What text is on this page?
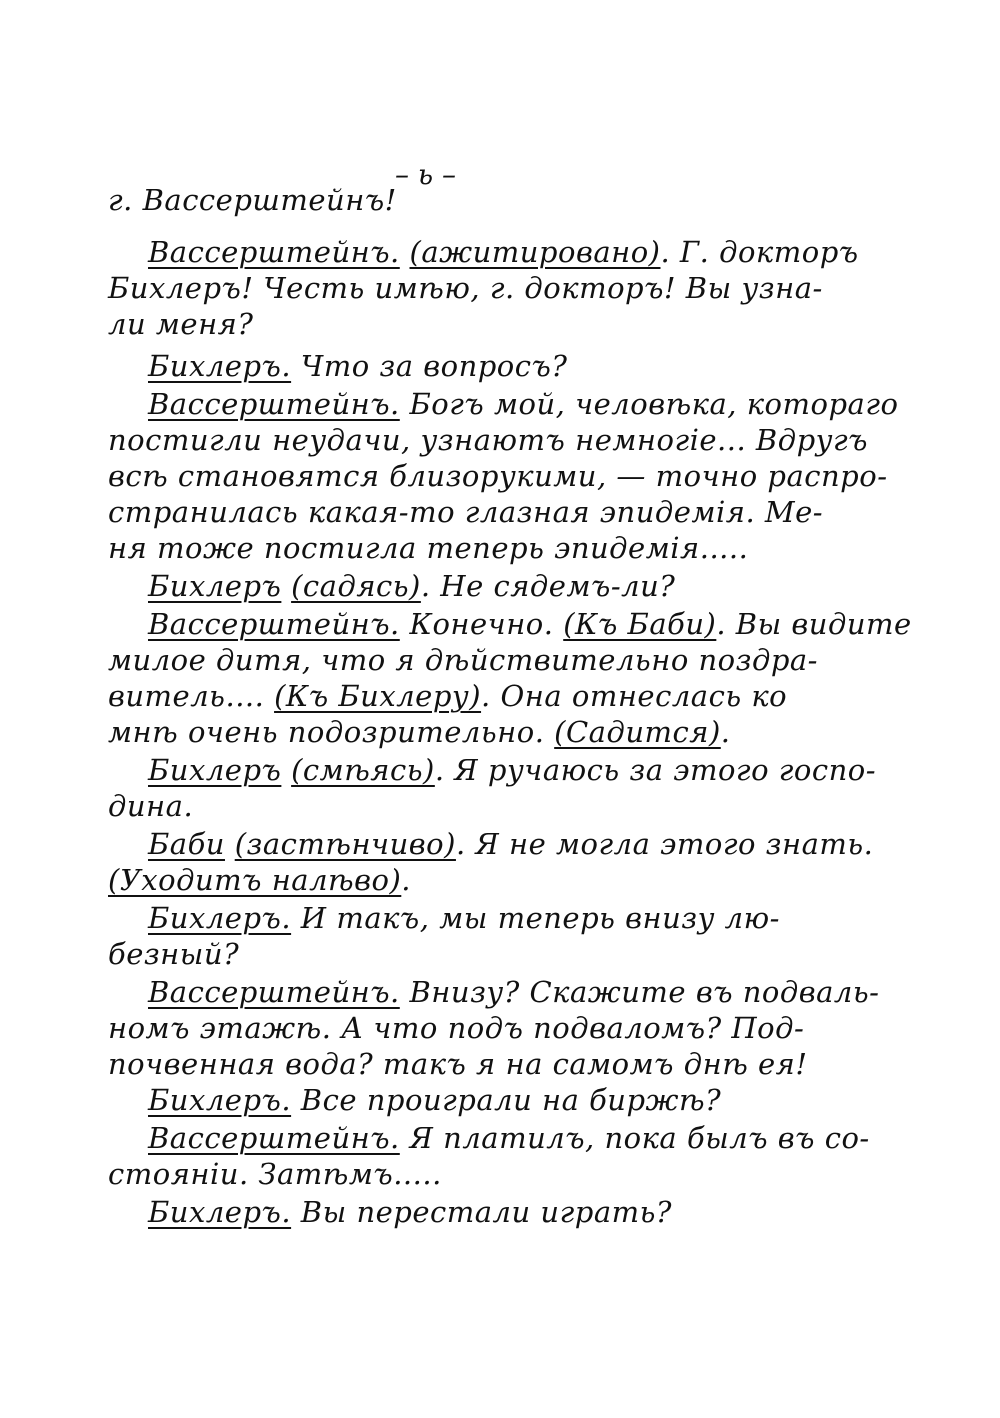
– ь –
г. Вассерштейнъ!
Вассерштейнъ. (ажитировано). Г. докторъ
Бихлеръ! Честь имѣю, г. докторъ! Вы узна-
ли меня?
Бихлеръ. Что за вопросъ?
Вассерштейнъ. Богъ мой, человѣка, котораго
постигли неудачи, узнаютъ немногіе... Вдругъ
всѣ становятся близорукими, — точно распро-
странилась какая-то глазная эпидемія. Ме-
ня тоже постигла теперь эпидемія.....
Бихлеръ (садясь). Не сядемъ-ли?
Вассерштейнъ. Конечно. (Къ Баби). Вы видите
милое дитя, что я дѣйствительно поздра-
витель.... (Къ Бихлеру). Она отнеслась ко
мнѣ очень подозрительно. (Садится).
Бихлеръ (смѣясь). Я ручаюсь за этого госпо-
дина.
Баби (застѣнчиво). Я не могла этого знать.
(Уходитъ налѣво).
Бихлеръ. И такъ, мы теперь внизу лю-
безный?
Вассерштейнъ. Внизу? Скажите въ подваль-
номъ этажѣ. А что подъ подваломъ? Под-
почвенная вода? такъ я на самомъ днѣ ея!
Бихлеръ. Все проиграли на биржѣ?
Вассерштейнъ. Я платилъ, пока былъ въ со-
стояніи. Затѣмъ.....
Бихлеръ. Вы перестали играть?
